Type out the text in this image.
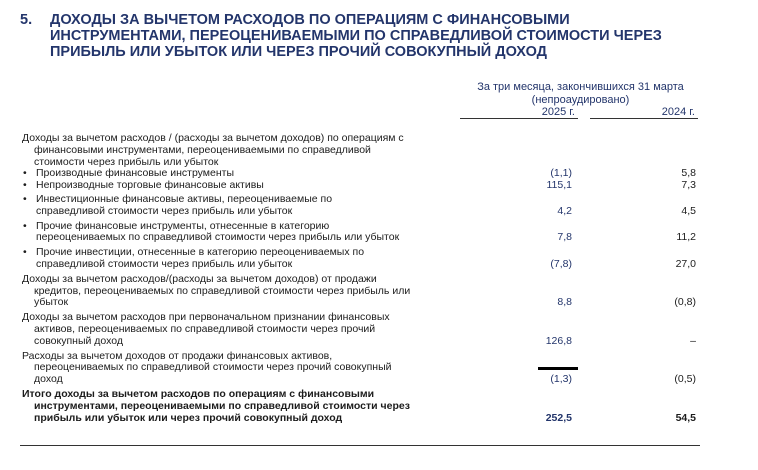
5. ДОХОДЫ ЗА ВЫЧЕТОМ РАСХОДОВ ПО ОПЕРАЦИЯМ С ФИНАНСОВЫМИ
ИНСТРУМЕНТАМИ, ПЕРЕОЦЕНИВАЕМЫМИ ПО СПРАВЕДЛИВОЙ СТОИМОСТИ ЧЕРЕЗ
ПРИБЫЛЬ ИЛИ УБЫТОК ИЛИ ЧЕРЕЗ ПРОЧИЙ СОВОКУПНЫЙ ДОХОД
За три месяца, закончившихся 31 марта
(непроаудировано)
2025 г.	2024 г.
Доходы за вычетом расходов / (расходы за вычетом доходов) по операциям с
финансовыми инструментами, переоцениваемыми по справедливой
стоимости через прибыль или убыток
• Производные финансовые инструменты	(1,1)	5,8
• Непроизводные торговые финансовые активы	115,1	7,3
• Инвестиционные финансовые активы, переоцениваемые по
справедливой стоимости через прибыль или убыток	4,2	4,5
• Прочие финансовые инструменты, отнесенные в категорию
переоцениваемых по справедливой стоимости через прибыль или убыток	7,8	11,2
• Прочие инвестиции, отнесенные в категорию переоцениваемых по
справедливой стоимости через прибыль или убыток	(7,8)	27,0
Доходы за вычетом расходов/(расходы за вычетом доходов) от продажи
кредитов, переоцениваемых по справедливой стоимости через прибыль или
убыток	8,8	(0,8)
Доходы за вычетом расходов при первоначальном признании финансовых
активов, переоцениваемых по справедливой стоимости через прочий
совокупный доход	126,8	–
Расходы за вычетом доходов от продажи финансовых активов,
переоцениваемых по справедливой стоимости через прочий совокупный
доход	(1,3)	(0,5)
Итого доходы за вычетом расходов по операциям с финансовыми
инструментами, переоцениваемыми по справедливой стоимости через
прибыль или убыток или через прочий совокупный доход	252,5	54,5
